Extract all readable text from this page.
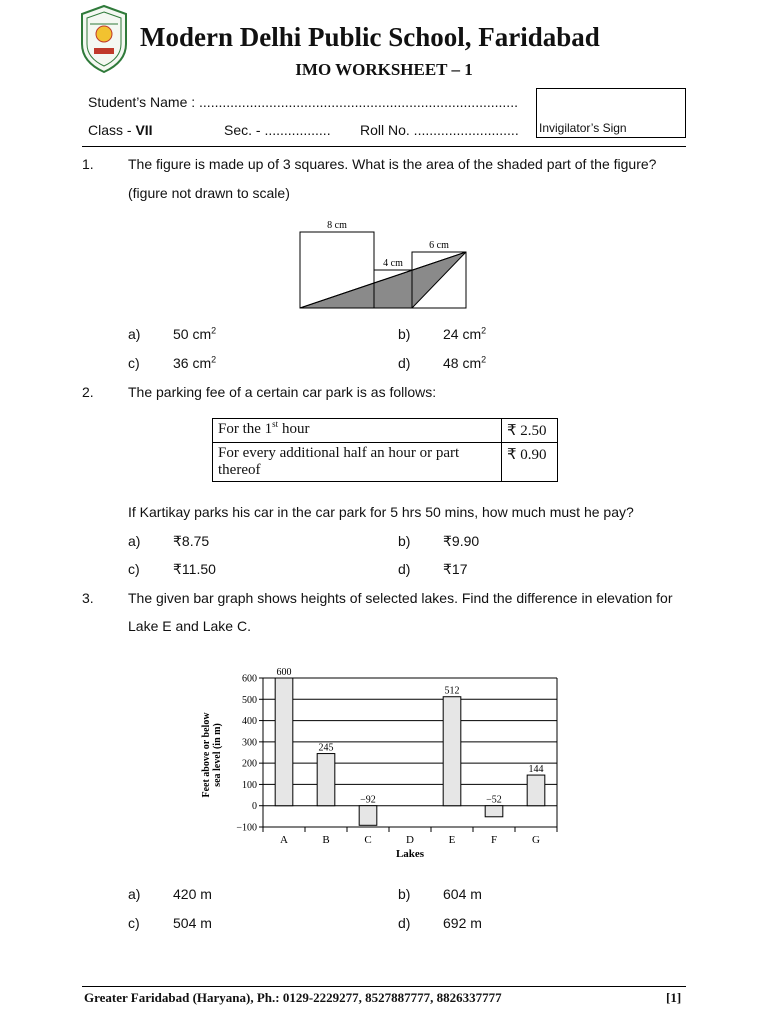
Modern Delhi Public School, Faridabad
IMO WORKSHEET – 1
Student’s Name : ..................................................................................
Class - VII	Sec. - ................. Roll No. ........................... Invigilator’s Sign
1. The figure is made up of 3 squares. What is the area of the shaded part of the figure?
(figure not drawn to scale)
8 cm
4 cm
6 cm
a) 50 $cm^2$	b) 24 $cm^2$
c) 36 $cm^2$	d) 48 $cm^2$
2. The parking fee of a certain car park is as follows:
For the 1st hour	₹ 2.50
For every additional half an hour or part thereof	₹ 0.90
If Kartikay parks his car in the car park for 5 hrs 50 mins, how much must he pay?
a) ₹8.75	b) ₹9.90
c) ₹11.50	d) ₹17
3. The given bar graph shows heights of selected lakes. Find the difference in elevation for Lake E and Lake C.
−100
0
100
200
300
400
500
600
600
A
245
B
−92
C	D
512
E
−52
F
144
G
Feet above or belowsea level (in m)
Lakes
a) 420 m	b) 604 m
c) 504 m	d) 692 m
Greater Faridabad (Haryana), Ph.: 0129-2229277, 8527887777, 8826337777	[1]
